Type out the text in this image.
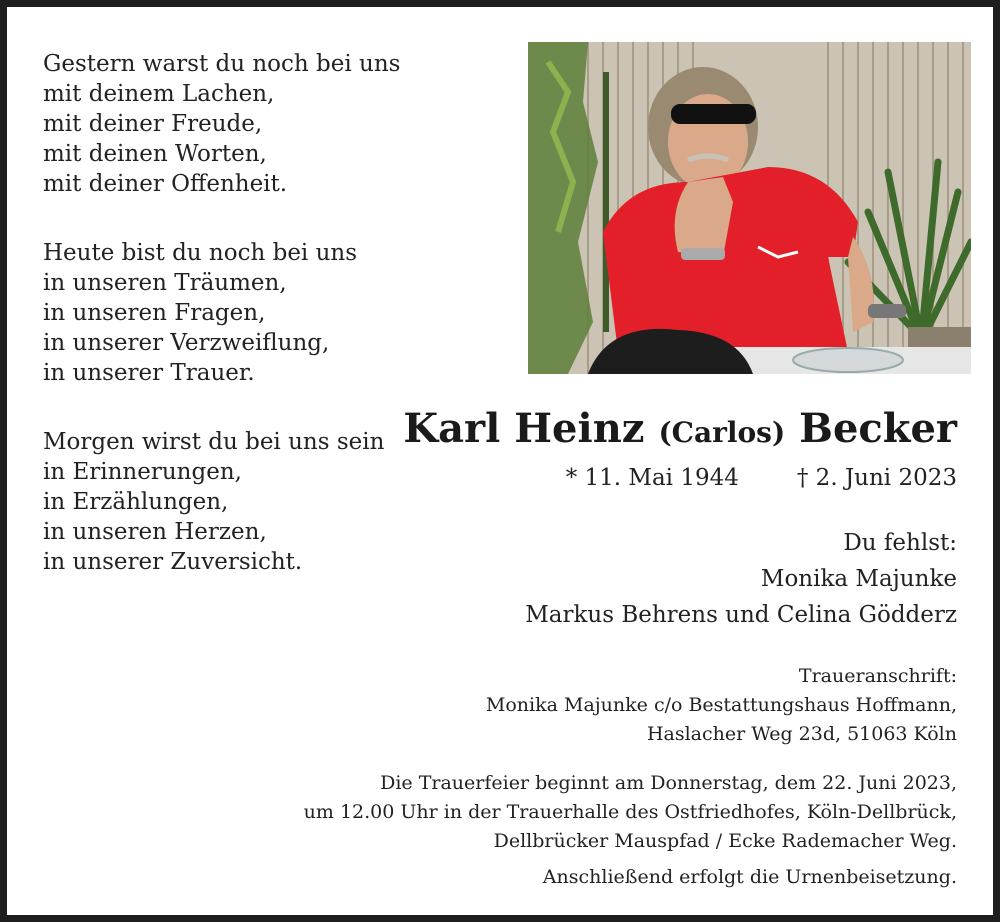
Gestern warst du noch bei uns
mit deinem Lachen,
mit deiner Freude,
mit deinen Worten,
mit deiner Offenheit.
Heute bist du noch bei uns
in unseren Träumen,
in unseren Fragen,
in unserer Verzweiflung,
in unserer Trauer.
Morgen wirst du bei uns sein
in Erinnerungen,
in Erzählungen,
in unseren Herzen,
in unserer Zuversicht.
Karl Heinz (Carlos) Becker
* 11. Mai 1944	† 2. Juni 2023
Du fehlst:
Monika Majunke
Markus Behrens und Celina Gödderz
Traueranschrift:
Monika Majunke c/o Bestattungshaus Hoffmann,
Haslacher Weg 23d, 51063 Köln
Die Trauerfeier beginnt am Donnerstag, dem 22. Juni 2023,
um 12.00 Uhr in der Trauerhalle des Ostfriedhofes, Köln-Dellbrück,
Dellbrücker Mauspfad / Ecke Rademacher Weg.
Anschließend erfolgt die Urnenbeisetzung.
